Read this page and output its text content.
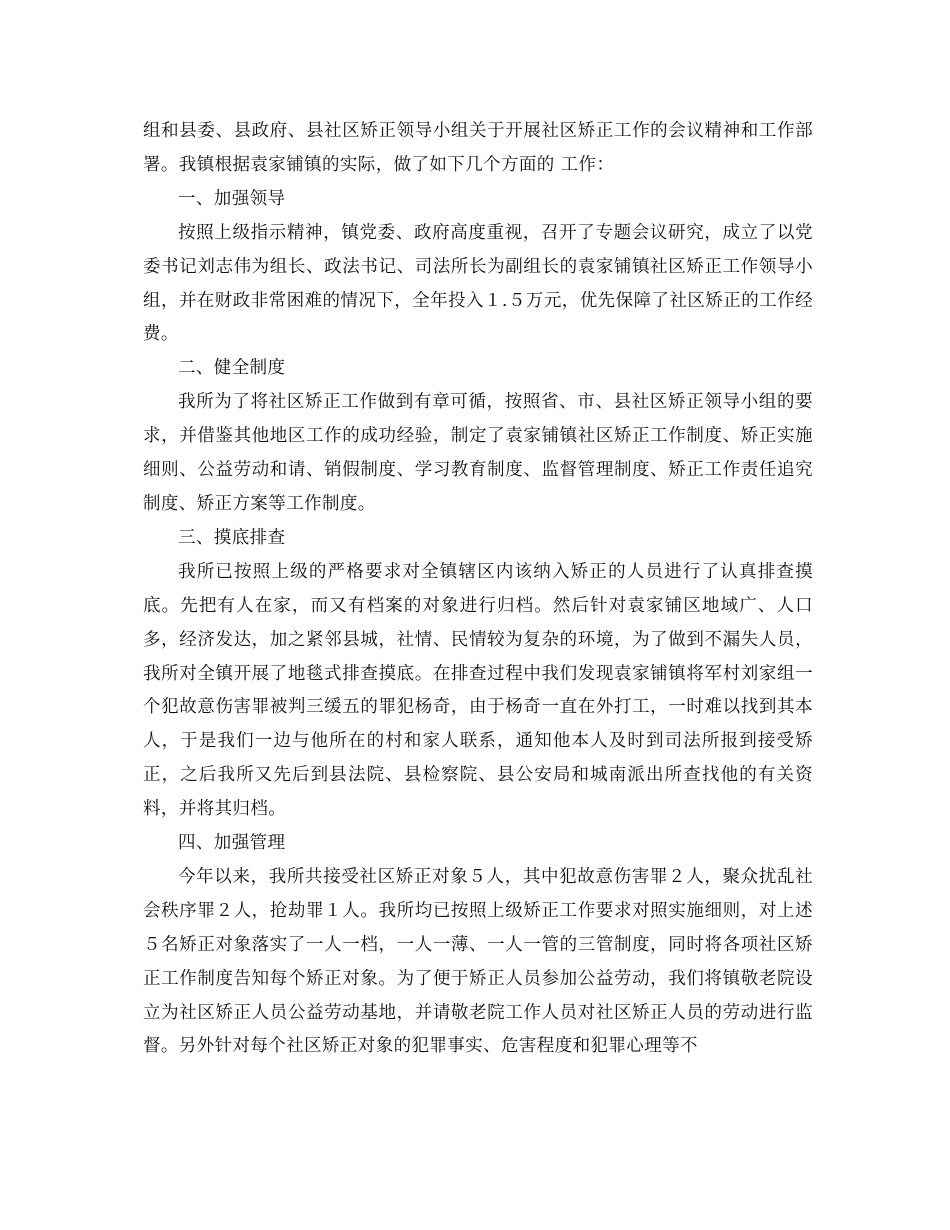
组和县委、县政府、县社区矫正领导小组关于开展社区矫正工作的会议精神和工作部署。我镇根据袁家铺镇的实际，做了如下几个方面的 工作：

一、加强领导

按照上级指示精神，镇党委、政府高度重视，召开了专题会议研究，成立了以党委书记刘志伟为组长、政法书记、司法所长为副组长的袁家铺镇社区矫正工作领导小组，并在财政非常困难的情况下，全年投入１.５万元，优先保障了社区矫正的工作经费。

二、健全制度

我所为了将社区矫正工作做到有章可循，按照省、市、县社区矫正领导小组的要求，并借鉴其他地区工作的成功经验，制定了袁家铺镇社区矫正工作制度、矫正实施细则、公益劳动和请、销假制度、学习教育制度、监督管理制度、矫正工作责任追究制度、矫正方案等工作制度。

三、摸底排查

我所已按照上级的严格要求对全镇辖区内该纳入矫正的人员进行了认真排查摸底。先把有人在家，而又有档案的对象进行归档。然后针对袁家铺区地域广、人口多，经济发达，加之紧邻县城，社情、民情较为复杂的环境，为了做到不漏失人员，我所对全镇开展了地毯式排查摸底。在排查过程中我们发现袁家铺镇将军村刘家组一个犯故意伤害罪被判三缓五的罪犯杨奇，由于杨奇一直在外打工，一时难以找到其本人，于是我们一边与他所在的村和家人联系，通知他本人及时到司法所报到接受矫正，之后我所又先后到县法院、县检察院、县公安局和城南派出所查找他的有关资料，并将其归档。

四、加强管理

今年以来，我所共接受社区矫正对象５人，其中犯故意伤害罪２人，聚众扰乱社会秩序罪２人，抢劫罪１人。我所均已按照上级矫正工作要求对照实施细则，对上述５名矫正对象落实了一人一档，一人一薄、一人一管的三管制度，同时将各项社区矫正工作制度告知每个矫正对象。为了便于矫正人员参加公益劳动，我们将镇敬老院设立为社区矫正人员公益劳动基地，并请敬老院工作人员对社区矫正人员的劳动进行监督。另外针对每个社区矫正对象的犯罪事实、危害程度和犯罪心理等不
